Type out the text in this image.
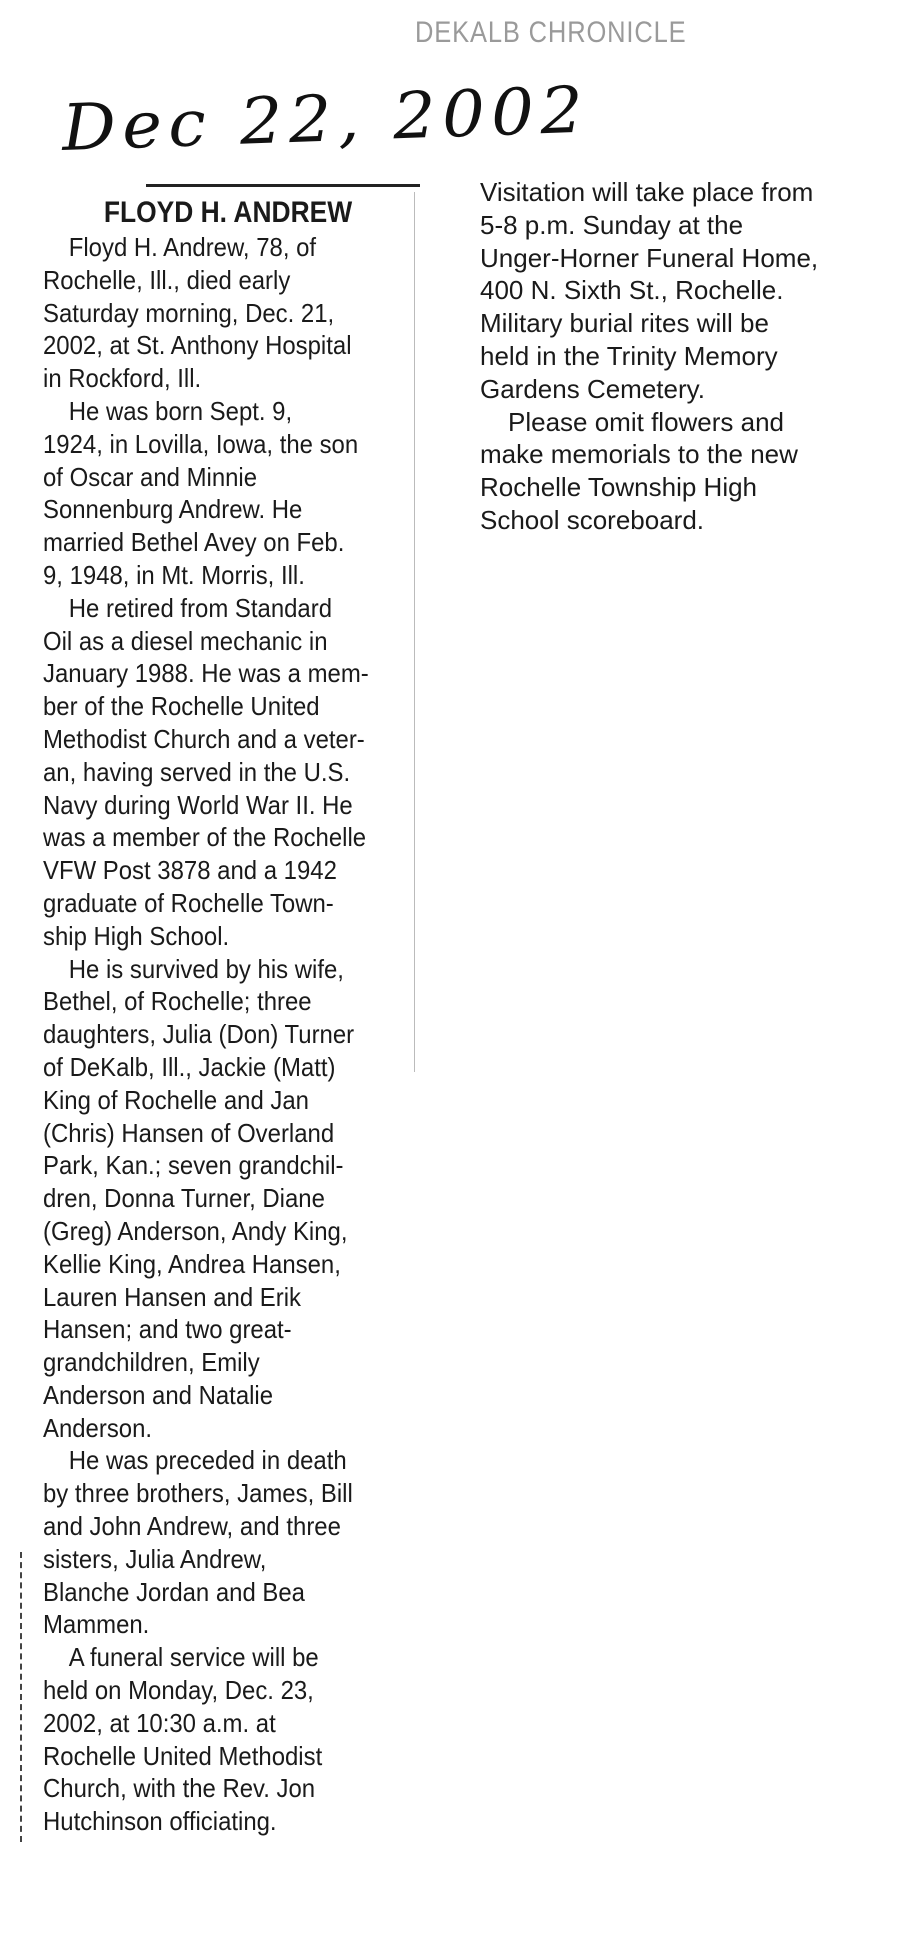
DEKALB CHRONICLE
Dec 22, 2002
FLOYD H. ANDREW
Floyd H. Andrew, 78, of
Rochelle, Ill., died early
Saturday morning, Dec. 21,
2002, at St. Anthony Hospital
in Rockford, Ill.
He was born Sept. 9,
1924, in Lovilla, Iowa, the son
of Oscar and Minnie
Sonnenburg Andrew. He
married Bethel Avey on Feb.
9, 1948, in Mt. Morris, Ill.
He retired from Standard
Oil as a diesel mechanic in
January 1988. He was a mem-
ber of the Rochelle United
Methodist Church and a veter-
an, having served in the U.S.
Navy during World War II. He
was a member of the Rochelle
VFW Post 3878 and a 1942
graduate of Rochelle Town-
ship High School.
He is survived by his wife,
Bethel, of Rochelle; three
daughters, Julia (Don) Turner
of DeKalb, Ill., Jackie (Matt)
King of Rochelle and Jan
(Chris) Hansen of Overland
Park, Kan.; seven grandchil-
dren, Donna Turner, Diane
(Greg) Anderson, Andy King,
Kellie King, Andrea Hansen,
Lauren Hansen and Erik
Hansen; and two great-
grandchildren, Emily
Anderson and Natalie
Anderson.
He was preceded in death
by three brothers, James, Bill
and John Andrew, and three
sisters, Julia Andrew,
Blanche Jordan and Bea
Mammen.
A funeral service will be
held on Monday, Dec. 23,
2002, at 10:30 a.m. at
Rochelle United Methodist
Church, with the Rev. Jon
Hutchinson officiating.
Visitation will take place from
5-8 p.m. Sunday at the
Unger-Horner Funeral Home,
400 N. Sixth St., Rochelle.
Military burial rites will be
held in the Trinity Memory
Gardens Cemetery.
Please omit flowers and
make memorials to the new
Rochelle Township High
School scoreboard.
